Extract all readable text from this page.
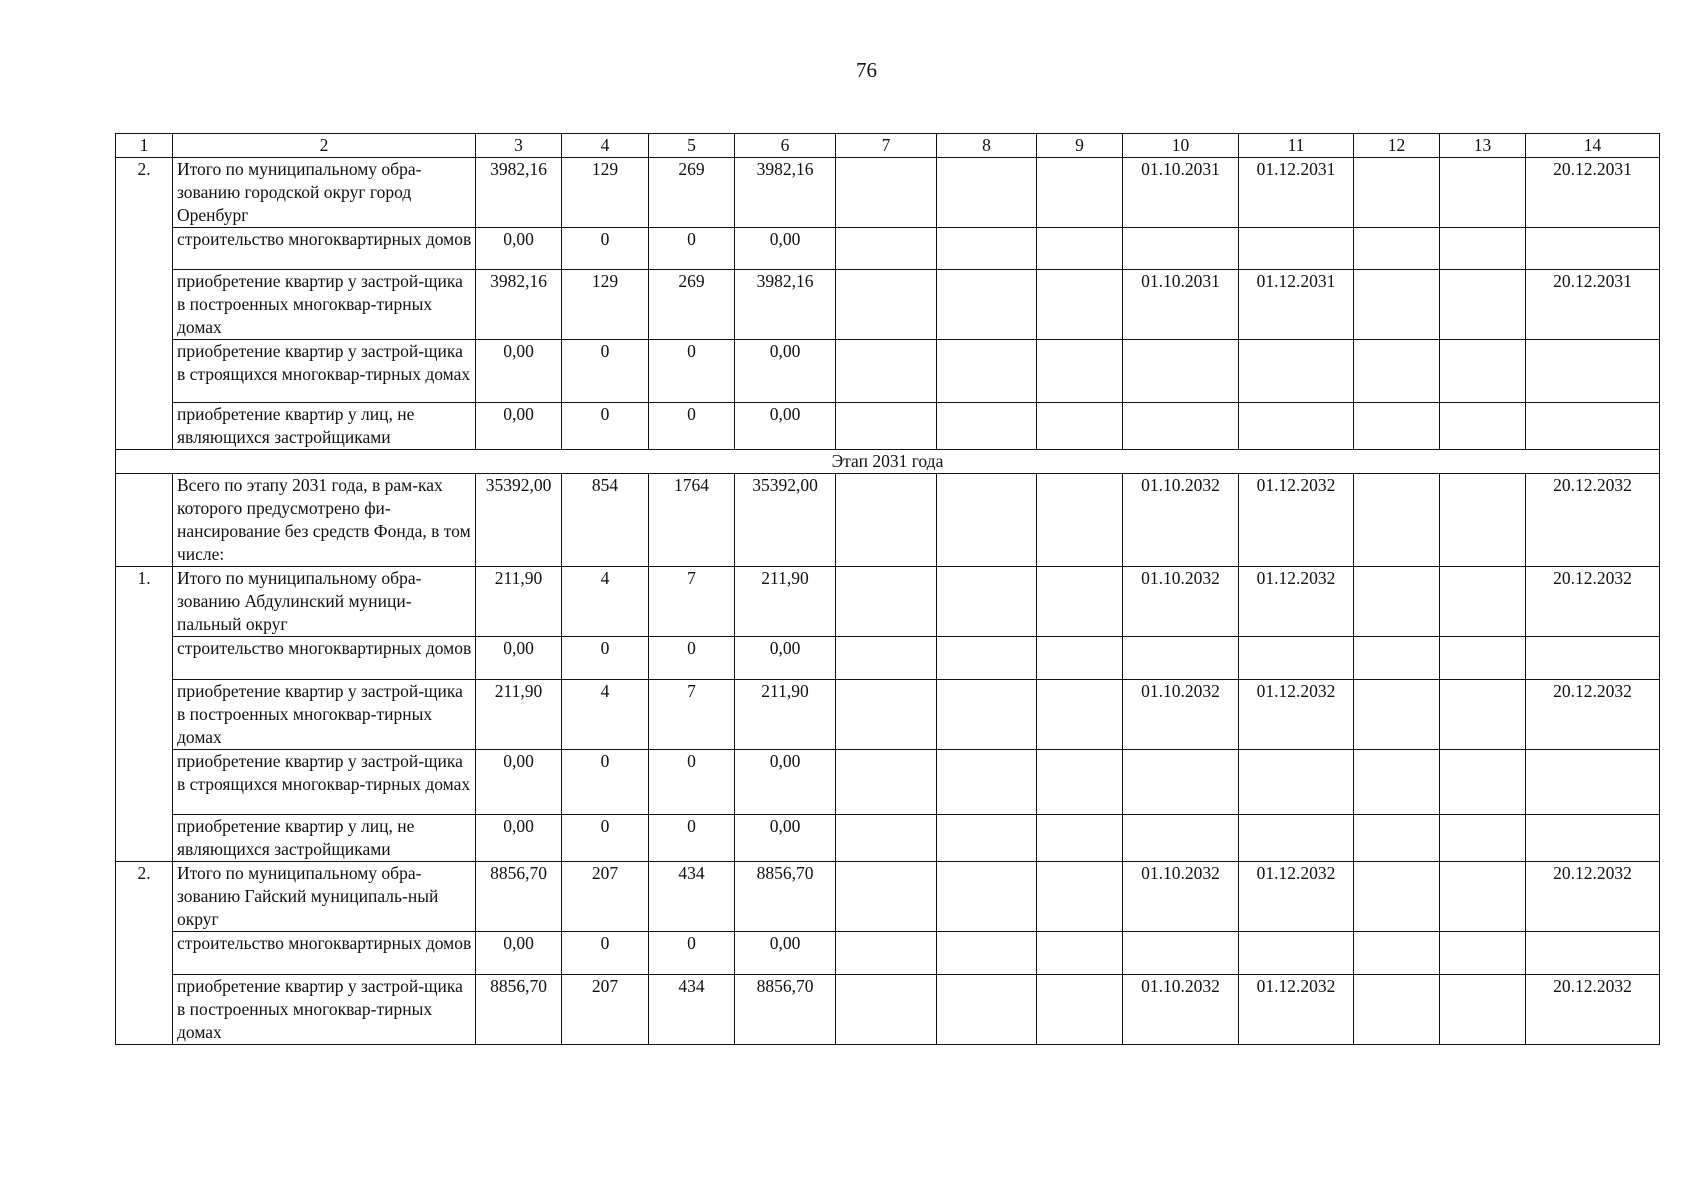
76
1	2	3	4	5	6	7	8	9	10	11	12	13	14
2.	Итого по муниципальному обра-зованию городской округ город Оренбург	3982,16	129	269	3982,16				01.10.2031	01.12.2031			20.12.2031
	строительство многоквартирных домов	0,00	0	0	0,00								
	приобретение квартир у застрой-щика в построенных многоквар-тирных домах	3982,16	129	269	3982,16				01.10.2031	01.12.2031			20.12.2031
	приобретение квартир у застрой-щика в строящихся многоквар-тирных домах	0,00	0	0	0,00								
	приобретение квартир у лиц, не являющихся застройщиками	0,00	0	0	0,00								
Этап 2031 года													
	Всего по этапу 2031 года, в рам-ках которого предусмотрено фи-нансирование без средств Фонда, в том числе:	35392,00	854	1764	35392,00				01.10.2032	01.12.2032			20.12.2032
1.	Итого по муниципальному обра-зованию Абдулинский муници-пальный округ	211,90	4	7	211,90				01.10.2032	01.12.2032			20.12.2032
	строительство многоквартирных домов	0,00	0	0	0,00								
	приобретение квартир у застрой-щика в построенных многоквар-тирных домах	211,90	4	7	211,90				01.10.2032	01.12.2032			20.12.2032
	приобретение квартир у застрой-щика в строящихся многоквар-тирных домах	0,00	0	0	0,00								
	приобретение квартир у лиц, не являющихся застройщиками	0,00	0	0	0,00								
2.	Итого по муниципальному обра-зованию Гайский муниципаль-ный округ	8856,70	207	434	8856,70				01.10.2032	01.12.2032			20.12.2032
	строительство многоквартирных домов	0,00	0	0	0,00								
	приобретение квартир у застрой-щика в построенных многоквар-тирных домах	8856,70	207	434	8856,70				01.10.2032	01.12.2032			20.12.2032
